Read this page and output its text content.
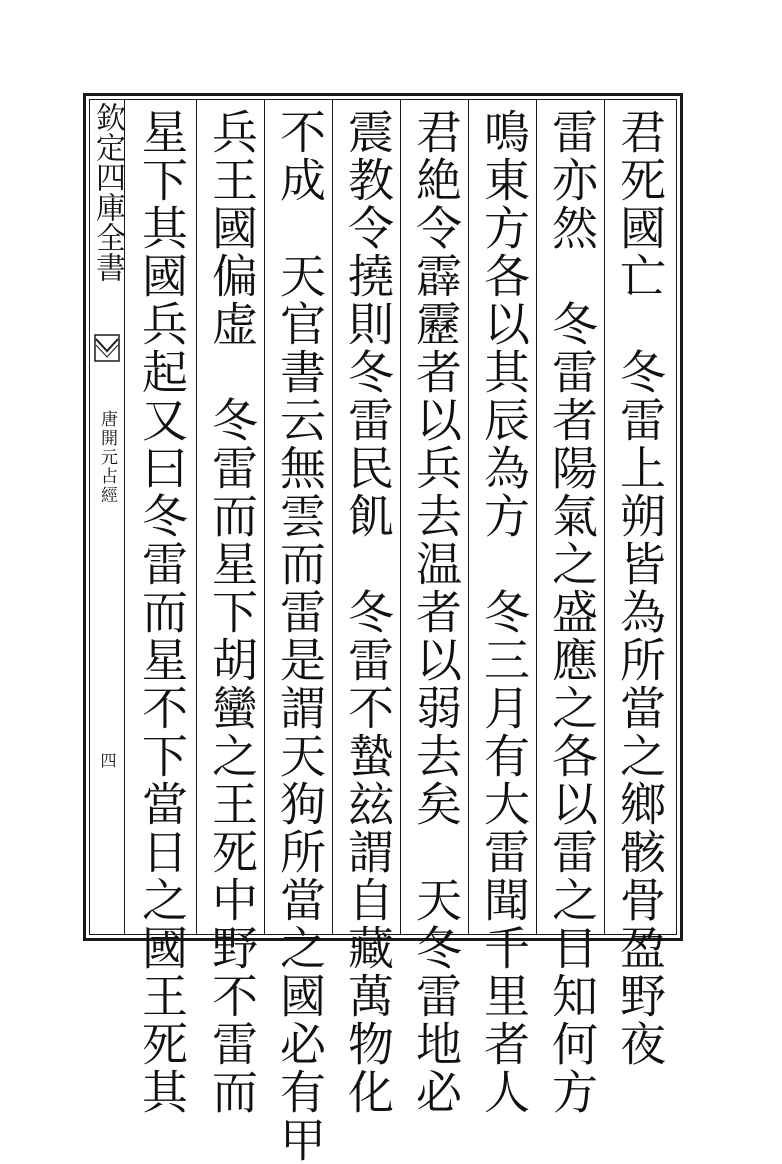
欽定四庫全書
唐開元占經
四	君死國亡　冬雷上朔皆為所當之鄉骸骨盈野夜
雷亦然　冬雷者陽氣之盛應之各以雷之日知何方
鳴東方各以其辰為方　冬三月有大雷聞千里者人
君絶令霹靂者以兵去温者以弱去矣　天冬雷地必
震教令撓則冬雷民飢　冬雷不蟄玆謂自藏萬物化
不成　天官書云無雲而雷是謂天狗所當之國必有甲
兵王國偏虚　冬雷而星下胡蠻之王死中野不雷而
星下其國兵起又曰冬雷而星不下當日之國王死其
